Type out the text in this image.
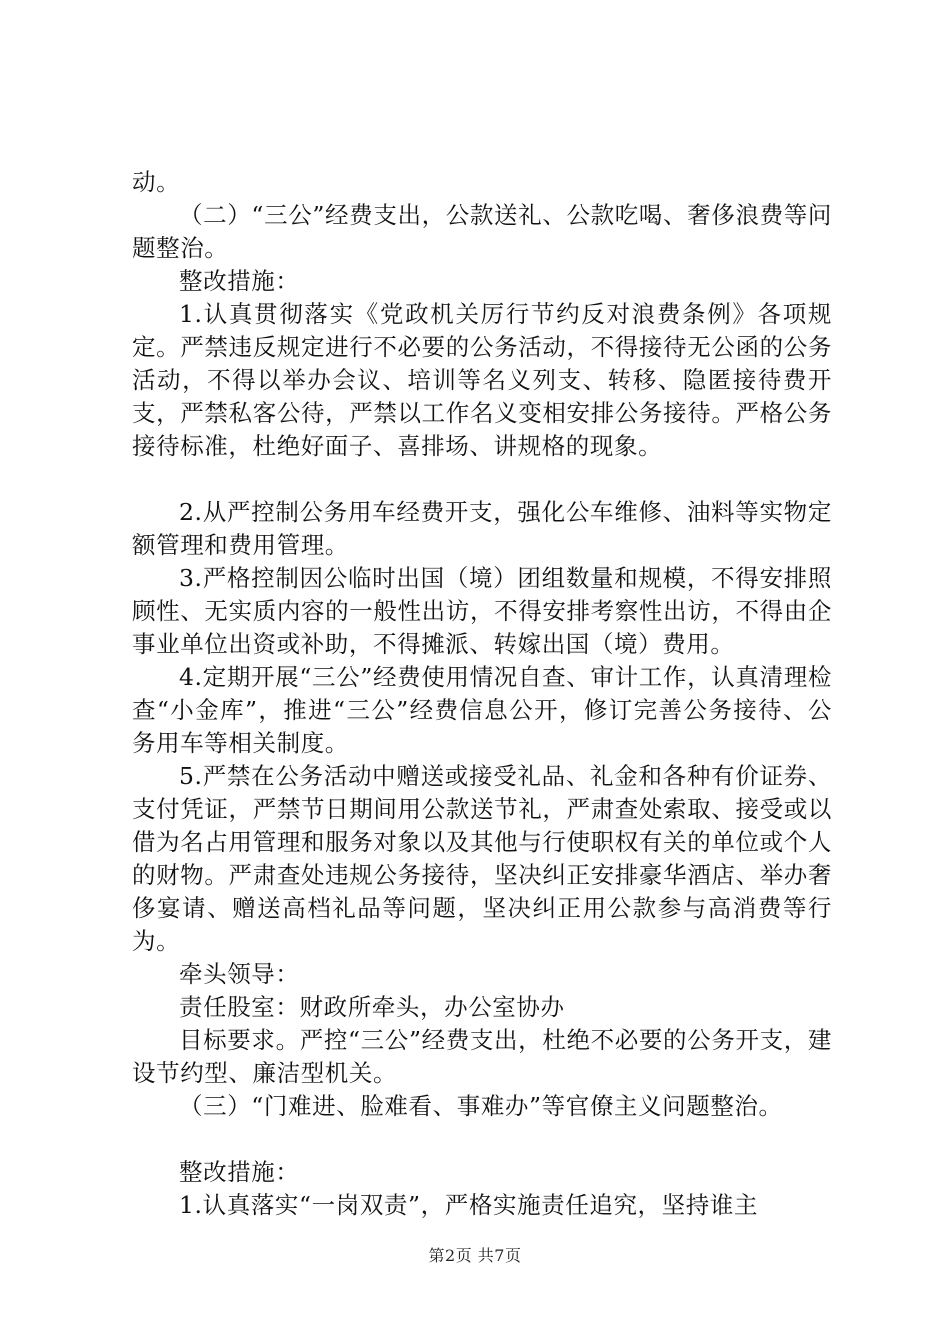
动。

（二）“三公”经费支出，公款送礼、公款吃喝、奢侈浪费等问题整治。

整改措施：

1.认真贯彻落实《党政机关厉行节约反对浪费条例》各项规定。严禁违反规定进行不必要的公务活动，不得接待无公函的公务活动，不得以举办会议、培训等名义列支、转移、隐匿接待费开支，严禁私客公待，严禁以工作名义变相安排公务接待。严格公务接待标准，杜绝好面子、喜排场、讲规格的现象。

2.从严控制公务用车经费开支，强化公车维修、油料等实物定额管理和费用管理。

3.严格控制因公临时出国（境）团组数量和规模，不得安排照顾性、无实质内容的一般性出访，不得安排考察性出访，不得由企事业单位出资或补助，不得摊派、转嫁出国（境）费用。

4.定期开展“三公”经费使用情况自查、审计工作，认真清理检查“小金库”，推进“三公”经费信息公开，修订完善公务接待、公务用车等相关制度。

5.严禁在公务活动中赠送或接受礼品、礼金和各种有价证券、支付凭证，严禁节日期间用公款送节礼，严肃查处索取、接受或以借为名占用管理和服务对象以及其他与行使职权有关的单位或个人的财物。严肃查处违规公务接待，坚决纠正安排豪华酒店、举办奢侈宴请、赠送高档礼品等问题，坚决纠正用公款参与高消费等行为。

牵头领导：

责任股室：财政所牵头，办公室协办

目标要求。严控“三公”经费支出，杜绝不必要的公务开支，建设节约型、廉洁型机关。

（三）“门难进、脸难看、事难办”等官僚主义问题整治。

整改措施：

1.认真落实“一岗双责”，严格实施责任追究，坚持谁主

第2页 共7页
